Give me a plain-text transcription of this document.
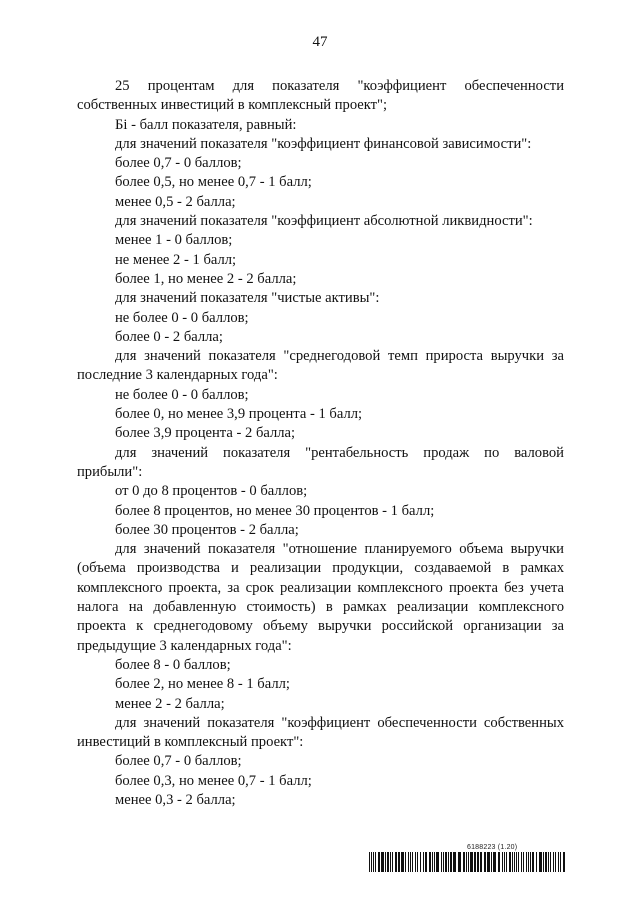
47

25 процентам для показателя "коэффициент обеспеченности собственных инвестиций в комплексный проект";

Бi - балл показателя, равный:

для значений показателя "коэффициент финансовой зависимости":

более 0,7 - 0 баллов;

более 0,5, но менее 0,7 - 1 балл;

менее 0,5 - 2 балла;

для значений показателя "коэффициент абсолютной ликвидности":

менее 1 - 0 баллов;

не менее 2 - 1 балл;

более 1, но менее 2 - 2 балла;

для значений показателя "чистые активы":

не более 0 - 0 баллов;

более 0 - 2 балла;

для значений показателя "среднегодовой темп прироста выручки за последние 3 календарных года":

не более 0 - 0 баллов;

более 0, но менее 3,9 процента - 1 балл;

более 3,9 процента - 2 балла;

для значений показателя "рентабельность продаж по валовой прибыли":

от 0 до 8 процентов - 0 баллов;

более 8 процентов, но менее 30 процентов - 1 балл;

более 30 процентов - 2 балла;

для значений показателя "отношение планируемого объема выручки (объема производства и реализации продукции, создаваемой в рамках комплексного проекта, за срок реализации комплексного проекта без учета налога на добавленную стоимость) в рамках реализации комплексного проекта к среднегодовому объему выручки российской организации за предыдущие 3 календарных года":

более 8 - 0 баллов;

более 2, но менее 8 - 1 балл;

менее 2 - 2 балла;

для значений показателя "коэффициент обеспеченности собственных инвестиций в комплексный проект":

более 0,7 - 0 баллов;

более 0,3, но менее 0,7 - 1 балл;

менее 0,3 - 2 балла;

6188223 (1.20)
